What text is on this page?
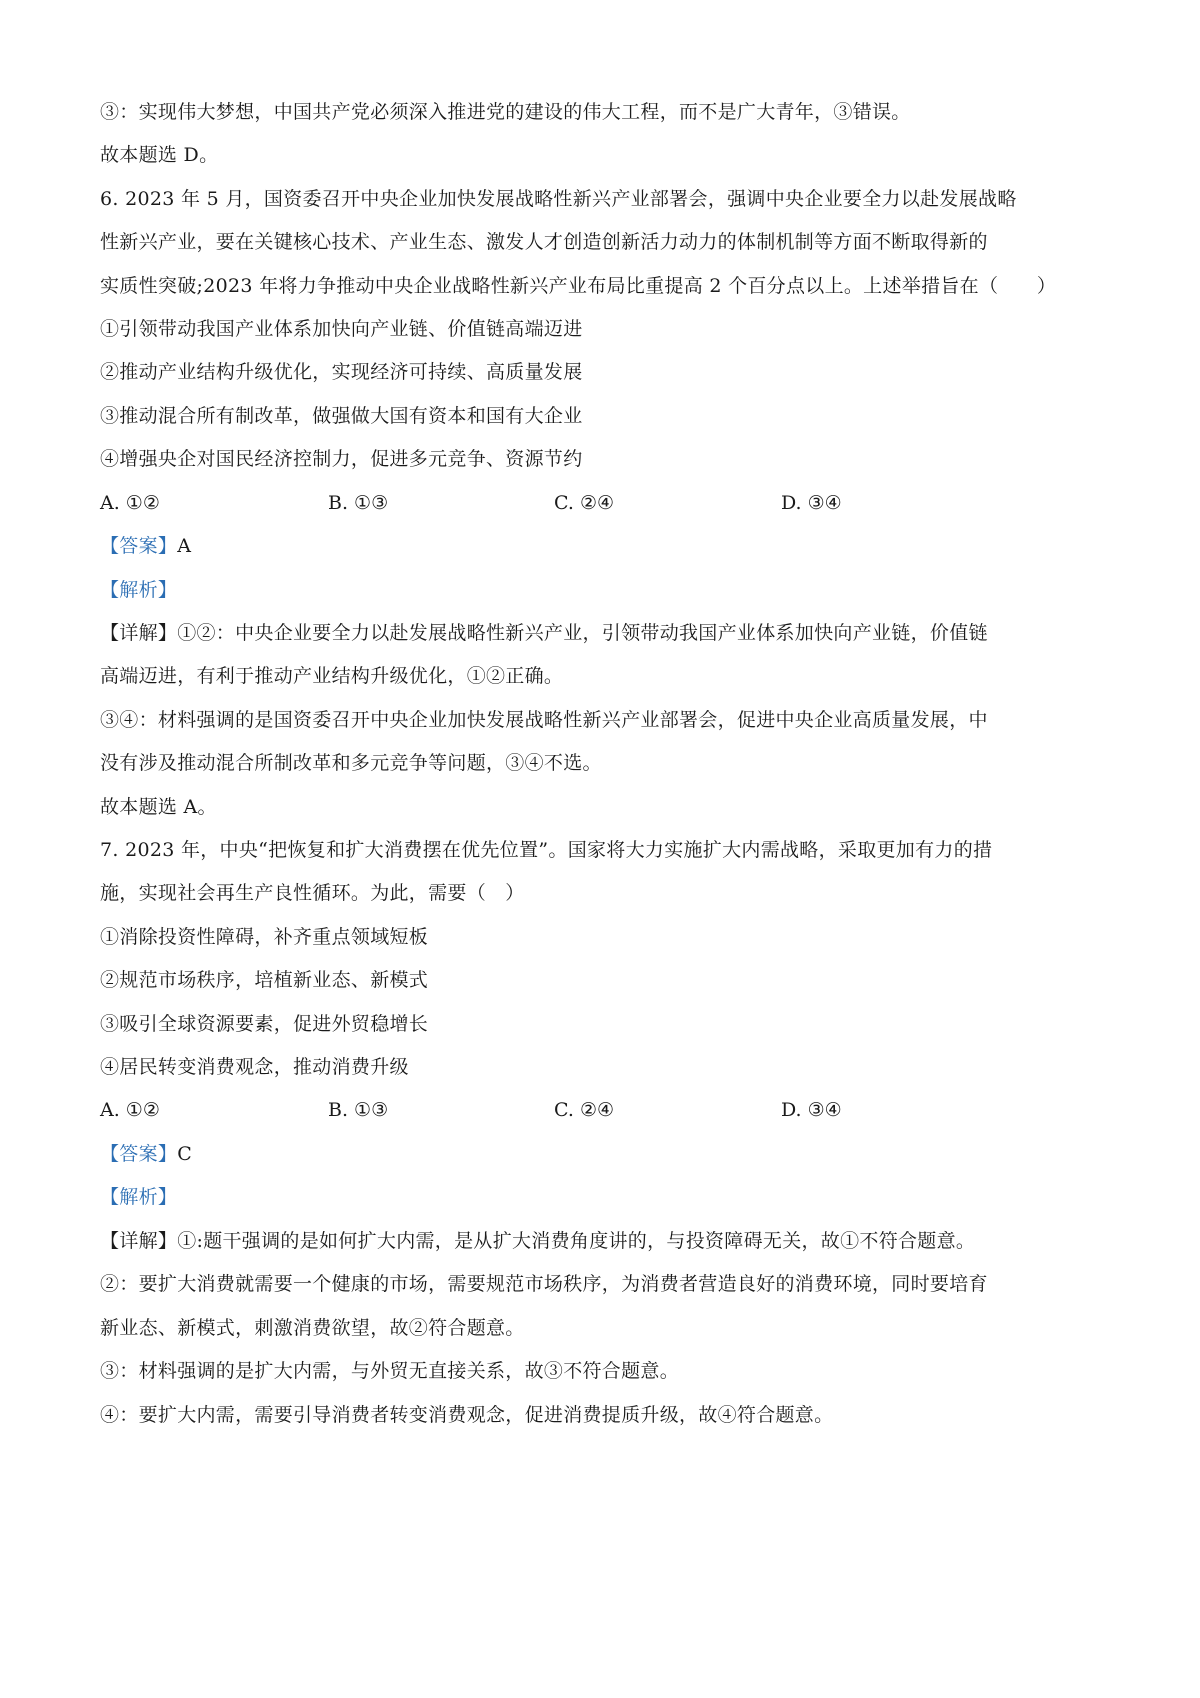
③：实现伟大梦想，中国共产党必须深入推进党的建设的伟大工程，而不是广大青年，③错误。
故本题选 D。
6. 2023 年 5 月，国资委召开中央企业加快发展战略性新兴产业部署会，强调中央企业要全力以赴发展战略
性新兴产业，要在关键核心技术、产业生态、激发人才创造创新活力动力的体制机制等方面不断取得新的
实质性突破;2023 年将力争推动中央企业战略性新兴产业布局比重提高 2 个百分点以上。上述举措旨在（　　）
①引领带动我国产业体系加快向产业链、价值链高端迈进
②推动产业结构升级优化，实现经济可持续、高质量发展
③推动混合所有制改革，做强做大国有资本和国有大企业
④增强央企对国民经济控制力，促进多元竞争、资源节约
A. ①②	B. ①③	C. ②④	D. ③④
【答案】A
【解析】
【详解】①②：中央企业要全力以赴发展战略性新兴产业，引领带动我国产业体系加快向产业链，价值链
高端迈进，有利于推动产业结构升级优化，①②正确。
③④：材料强调的是国资委召开中央企业加快发展战略性新兴产业部署会，促进中央企业高质量发展，中
没有涉及推动混合所制改革和多元竞争等问题，③④不选。
故本题选 A。
7. 2023 年，中央“把恢复和扩大消费摆在优先位置”。国家将大力实施扩大内需战略，采取更加有力的措
施，实现社会再生产良性循环。为此，需要（　）
①消除投资性障碍，补齐重点领域短板
②规范市场秩序，培植新业态、新模式
③吸引全球资源要素，促进外贸稳增长
④居民转变消费观念，推动消费升级
A. ①②	B. ①③	C. ②④	D. ③④
【答案】C
【解析】
【详解】①:题干强调的是如何扩大内需，是从扩大消费角度讲的，与投资障碍无关，故①不符合题意。
②：要扩大消费就需要一个健康的市场，需要规范市场秩序，为消费者营造良好的消费环境，同时要培育
新业态、新模式，刺激消费欲望，故②符合题意。
③：材料强调的是扩大内需，与外贸无直接关系，故③不符合题意。
④：要扩大内需，需要引导消费者转变消费观念，促进消费提质升级，故④符合题意。
